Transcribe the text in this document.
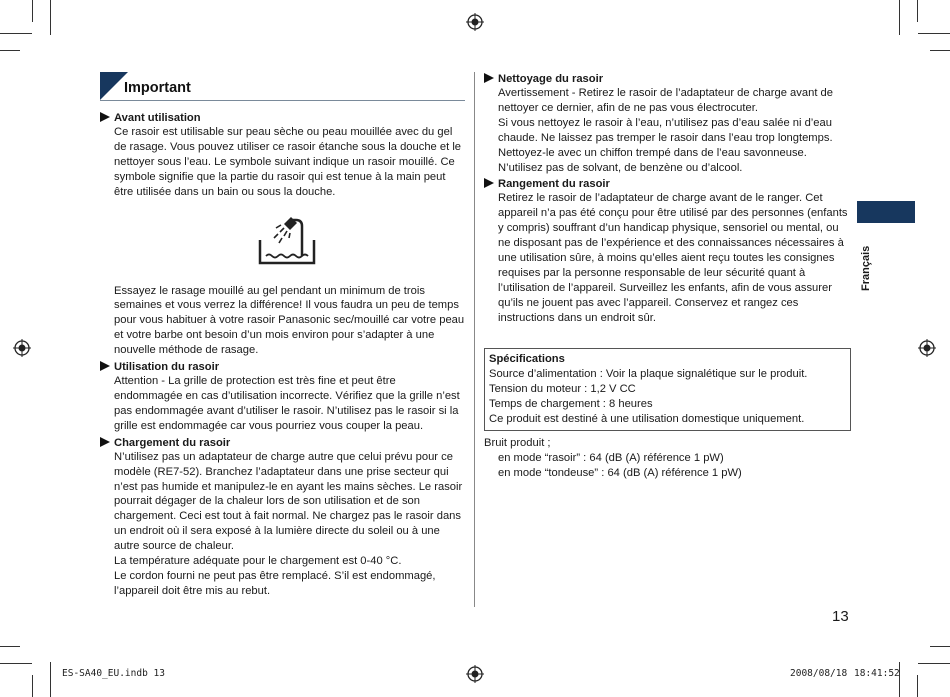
Important
Avant utilisation
Ce rasoir est utilisable sur peau sèche ou peau mouillée avec du gel de rasage. Vous pouvez utiliser ce rasoir étanche sous la douche et le nettoyer sous l’eau. Le symbole suivant indique un rasoir mouillé. Ce symbole signifie que la partie du rasoir qui est tenue à la main peut être utilisée dans un bain ou sous la douche.
Essayez le rasage mouillé au gel pendant un minimum de trois semaines et vous verrez la différence! Il vous faudra un peu de temps pour vous habituer à votre rasoir Panasonic sec/mouillé car votre peau et votre barbe ont besoin d’un mois environ pour s’adapter à une nouvelle méthode de rasage.
Utilisation du rasoir
Attention - La grille de protection est très fine et peut être endommagée en cas d’utilisation incorrecte. Vérifiez que la grille n’est pas endommagée avant d’utiliser le rasoir. N’utilisez pas le rasoir si la grille est endommagée car vous pourriez vous couper la peau.
Chargement du rasoir
N’utilisez pas un adaptateur de charge autre que celui prévu pour ce modèle (RE7-52). Branchez l’adaptateur dans une prise secteur qui n’est pas humide et manipulez-le en ayant les mains sèches. Le rasoir pourrait dégager de la chaleur lors de son utilisation et de son chargement. Ceci est tout à fait normal. Ne chargez pas le rasoir dans un endroit où il sera exposé à la lumière directe du soleil ou à une autre source de chaleur.
La température adéquate pour le chargement est 0-40 °C.
Le cordon fourni ne peut pas être remplacé. S’il est endommagé, l’appareil doit être mis au rebut.
Nettoyage du rasoir
Avertissement - Retirez le rasoir de l’adaptateur de charge avant de nettoyer ce dernier, afin de ne pas vous électrocuter.
Si vous nettoyez le rasoir à l’eau, n’utilisez pas d’eau salée ni d’eau chaude. Ne laissez pas tremper le rasoir dans l’eau trop longtemps. Nettoyez-le avec un chiffon trempé dans de l’eau savonneuse. N’utilisez pas de solvant, de benzène ou d’alcool.
Rangement du rasoir
Retirez le rasoir de l’adaptateur de charge avant de le ranger. Cet appareil n’a pas été conçu pour être utilisé par des personnes (enfants y compris) souffrant d’un handicap physique, sensoriel ou mental, ou ne disposant pas de l’expérience et des connaissances nécessaires à une utilisation sûre, à moins qu’elles aient reçu toutes les consignes requises par la personne responsable de leur sécurité quant à l’utilisation de l’appareil. Surveillez les enfants, afin de vous assurer qu’ils ne jouent pas avec l’appareil. Conservez et rangez ces instructions dans un endroit sûr.
Spécifications
Source d’alimentation : Voir la plaque signalétique sur le produit.
Tension du moteur : 1,2 V CC
Temps de chargement : 8 heures
Ce produit est destiné à une utilisation domestique uniquement.
Bruit produit ;
en mode “rasoir” : 64 (dB (A) référence 1 pW)
en mode “tondeuse” : 64 (dB (A) référence 1 pW)
Français
13
ES-SA40_EU.indb 13	2008/08/18 18:41:52
